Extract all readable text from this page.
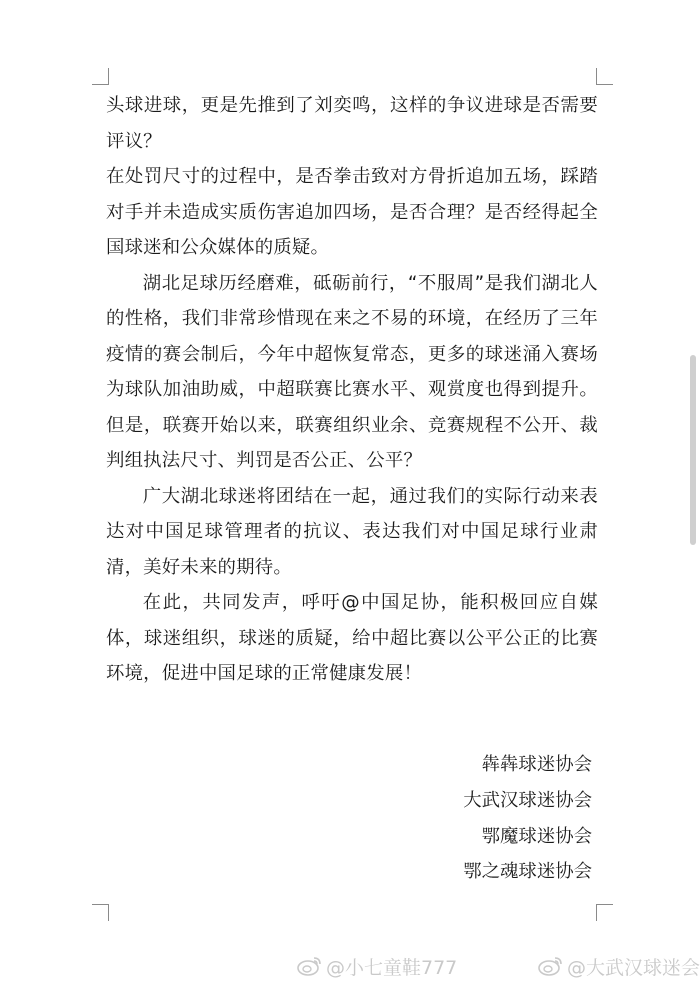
头球进球，更是先推到了刘奕鸣，这样的争议进球是否需要评议？

在处罚尺寸的过程中，是否拳击致对方骨折追加五场，踩踏对手并未造成实质伤害追加四场，是否合理？是否经得起全国球迷和公众媒体的质疑。

湖北足球历经磨难，砥砺前行，“不服周”是我们湖北人的性格，我们非常珍惜现在来之不易的环境，在经历了三年疫情的赛会制后，今年中超恢复常态，更多的球迷涌入赛场为球队加油助威，中超联赛比赛水平、观赏度也得到提升。但是，联赛开始以来，联赛组织业余、竞赛规程不公开、裁判组执法尺寸、判罚是否公正、公平？

广大湖北球迷将团结在一起，通过我们的实际行动来表达对中国足球管理者的抗议、表达我们对中国足球行业肃清，美好未来的期待。

在此，共同发声，呼吁@中国足协，能积极回应自媒体，球迷组织，球迷的质疑，给中超比赛以公平公正的比赛环境，促进中国足球的正常健康发展！

犇犇球迷协会
大武汉球迷协会
鄂魔球迷协会
鄂之魂球迷协会
@小七童鞋777	@大武汉球迷会
